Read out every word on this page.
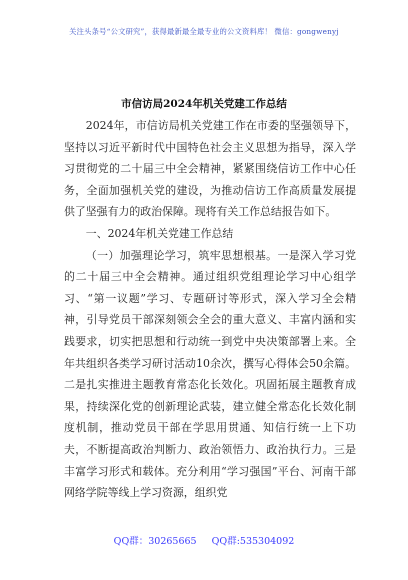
关注头条号“公文研究”，获得最新最全最专业的公文资料库！ 微信：gongwenyj
市信访局2024年机关党建工作总结

2024年，市信访局机关党建工作在市委的坚强领导下，坚持以习近平新时代中国特色社会主义思想为指导，深入学习贯彻党的二十届三中全会精神，紧紧围绕信访工作中心任务，全面加强机关党的建设，为推动信访工作高质量发展提供了坚强有力的政治保障。现将有关工作总结报告如下。

一、2024年机关党建工作总结

（一）加强理论学习，筑牢思想根基。一是深入学习党的二十届三中全会精神。通过组织党组理论学习中心组学习、“第一议题”学习、专题研讨等形式，深入学习全会精神，引导党员干部深刻领会全会的重大意义、丰富内涵和实践要求，切实把思想和行动统一到党中央决策部署上来。全年共组织各类学习研讨活动10余次，撰写心得体会50余篇。二是扎实推进主题教育常态化长效化。巩固拓展主题教育成果，持续深化党的创新理论武装，建立健全常态化长效化制度机制，推动党员干部在学思用贯通、知信行统一上下功夫，不断提高政治判断力、政治领悟力、政治执行力。三是丰富学习形式和载体。充分利用“学习强国”平台、河南干部网络学院等线上学习资源，组织党

QQ群：30265665 QQ群:535304092
